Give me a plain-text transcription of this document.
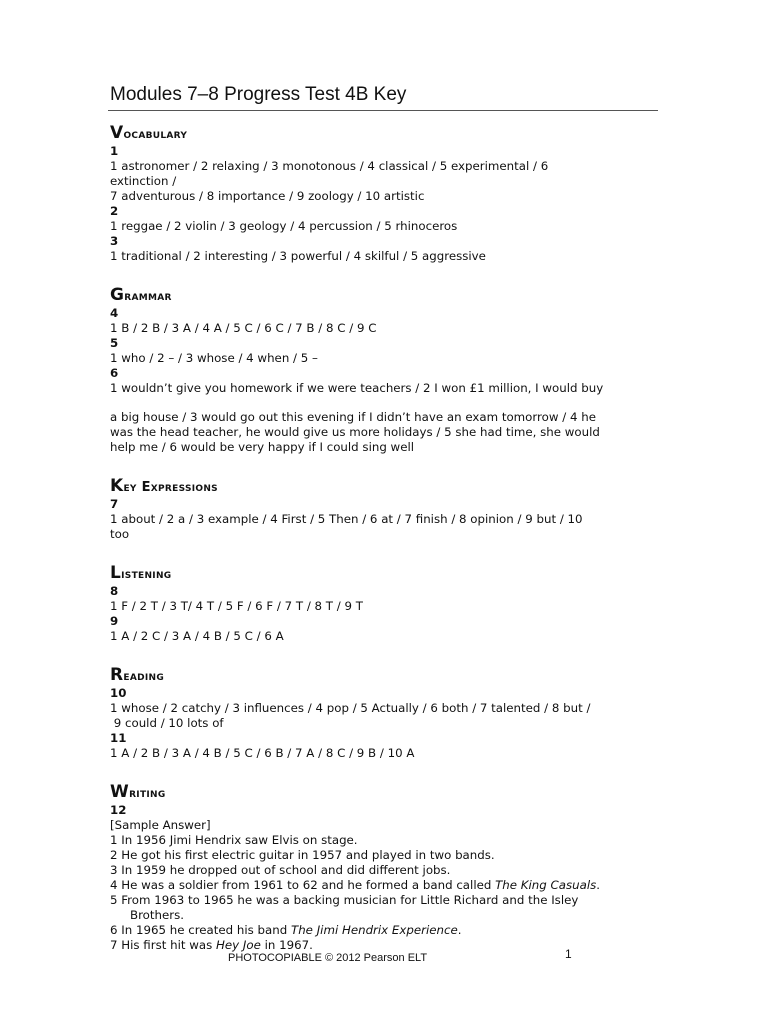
Modules 7–8 Progress Test 4B Key
Vocabulary
1
1 astronomer / 2 relaxing / 3 monotonous / 4 classical / 5 experimental / 6
extinction /
7 adventurous / 8 importance / 9 zoology / 10 artistic
2
1 reggae / 2 violin / 3 geology / 4 percussion / 5 rhinoceros
3
1 traditional / 2 interesting / 3 powerful / 4 skilful / 5 aggressive
Grammar
4
1 B / 2 B / 3 A / 4 A / 5 C / 6 C / 7 B / 8 C / 9 C
5
1 who / 2 – / 3 whose / 4 when / 5 –
6
1 wouldn’t give you homework if we were teachers / 2 I won £1 million, I would buy
a big house / 3 would go out this evening if I didn’t have an exam tomorrow / 4 he
was the head teacher, he would give us more holidays / 5 she had time, she would
help me / 6 would be very happy if I could sing well
Key Expressions
7
1 about / 2 a / 3 example / 4 First / 5 Then / 6 at / 7 finish / 8 opinion / 9 but / 10
too
Listening
8
1 F / 2 T / 3 T/ 4 T / 5 F / 6 F / 7 T / 8 T / 9 T
9
1 A / 2 C / 3 A / 4 B / 5 C / 6 A
Reading
10
1 whose / 2 catchy / 3 influences / 4 pop / 5 Actually / 6 both / 7 talented / 8 but /
9 could / 10 lots of
11
1 A / 2 B / 3 A / 4 B / 5 C / 6 B / 7 A / 8 C / 9 B / 10 A
Writing
12
[Sample Answer]
1 In 1956 Jimi Hendrix saw Elvis on stage.
2 He got his first electric guitar in 1957 and played in two bands.
3 In 1959 he dropped out of school and did different jobs.
4 He was a soldier from 1961 to 62 and he formed a band called The King Casuals.
5 From 1963 to 1965 he was a backing musician for Little Richard and the Isley
Brothers.
6 In 1965 he created his band The Jimi Hendrix Experience.
7 His first hit was Hey Joe in 1967.
PHOTOCOPIABLE © 2012 Pearson ELT	1
